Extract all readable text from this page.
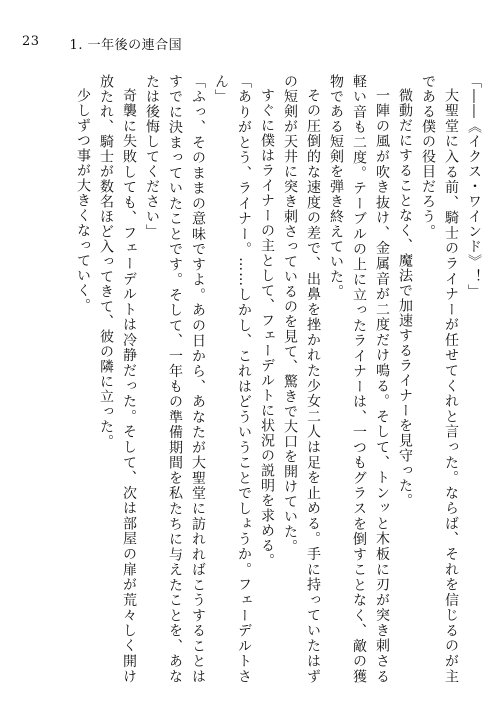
23 1. 一年後の連合国

「――《イクス・ワインド》！」

大聖堂に入る前、騎士のライナーが任せてくれと言った。ならば、それを信じるのが主である僕の役目だろう。

微動だにすることなく、魔法で加速するライナーを見守った。

一陣の風が吹き抜け、金属音が二度だけ鳴る。そして、トンッと木板に刃が突き刺さる軽い音も二度。テーブルの上に立ったライナーは、一つもグラスを倒すことなく、敵の獲物である短剣を弾き終えていた。

その圧倒的な速度の差で、出鼻を挫かれた少女二人は足を止める。手に持っていたはずの短剣が天井に突き刺さっているのを見て、驚きで大口を開けていた。

すぐに僕はライナーの主として、フェーデルトに状況の説明を求める。

「ありがとう、ライナー。……しかし、これはどういうことでしょうか。フェーデルトさん」

「ふっ、そのままの意味ですよ。あの日から、あなたが大聖堂に訪れればこうすることはすでに決まっていたことです。そして、一年もの準備期間を私たちに与えたことを、あなたは後悔してください」

奇襲に失敗しても、フェーデルトは冷静だった。そして、次は部屋の扉が荒々しく開け放たれ、騎士が数名ほど入ってきて、彼の隣に立った。

少しずつ事が大きくなっていく。
